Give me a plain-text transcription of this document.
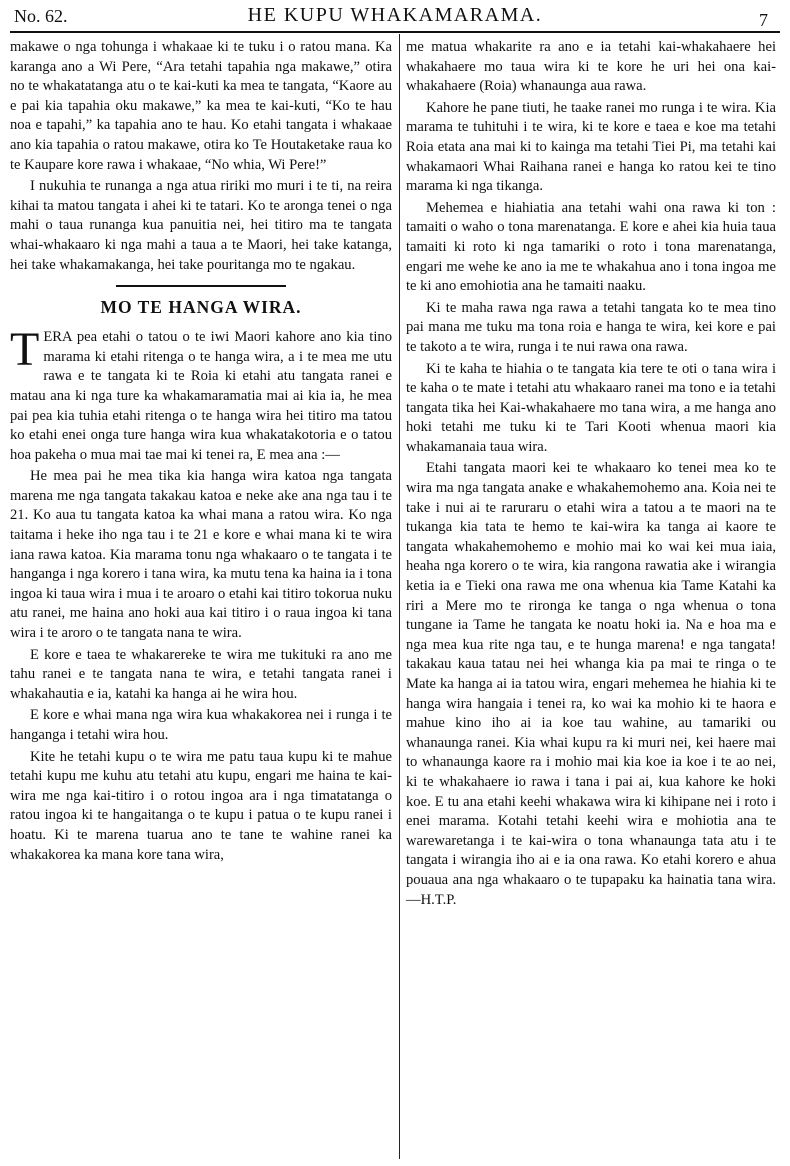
No. 62.	HE KUPU WHAKAMARAMA.	7

makawe o nga tohunga i whakaae ki te tuku i o ratou mana. Ka karanga ano a Wi Pere, “Ara tetahi tapahia nga makawe,” otira no te whakatatanga atu o te kai-kuti ka mea te tangata, “Kaore au e pai kia tapahia oku makawe,” ka mea te kai-kuti, “Ko te hau noa e tapahi,” ka tapahia ano te hau. Ko etahi tangata i whakaae ano kia tapahia o ratou makawe, otira ko Te Houtaketake raua ko te Kaupare kore rawa i whakaae, “No whia, Wi Pere!”

I nukuhia te runanga a nga atua ririki mo muri i te ti, na reira kihai ta matou tangata i ahei ki te tatari. Ko te aronga tenei o nga mahi o taua runanga kua panuitia nei, hei titiro ma te tangata whai-whakaaro ki nga mahi a taua a te Maori, hei take katanga, hei take whakamakanga, hei take pouritanga mo te ngakau.

MO TE HANGA WIRA.

TERA pea etahi o tatou o te iwi Maori kahore ano kia tino marama ki etahi ritenga o te hanga wira, a i te mea me utu rawa e te tangata ki te Roia ki etahi atu tangata ranei e matau ana ki nga ture ka whakamaramatia mai ai kia ia, he mea pai pea kia tuhia etahi ritenga o te hanga wira hei titiro ma tatou ko etahi enei onga ture hanga wira kua whakatakotoria e o tatou hoa pakeha o mua mai tae mai ki tenei ra, E mea ana :—

He mea pai he mea tika kia hanga wira katoa nga tangata marena me nga tangata takakau katoa e neke ake ana nga tau i te 21. Ko aua tu tangata katoa ka whai mana a ratou wira. Ko nga taitama i heke iho nga tau i te 21 e kore e whai mana ki te wira iana rawa katoa. Kia marama tonu nga whakaaro o te tangata i te hanganga i nga korero i tana wira, ka mutu tena ka haina ia i tona ingoa ki taua wira i mua i te aroaro o etahi kai titiro tokorua nuku atu ranei, me haina ano hoki aua kai titiro i o raua ingoa ki tana wira i te aroro o te tangata nana te wira.

E kore e taea te whakarereke te wira me tukituki ra ano me tahu ranei e te tangata nana te wira, e tetahi tangata ranei i whakahautia e ia, katahi ka hanga ai he wira hou.

E kore e whai mana nga wira kua whakakorea nei i runga i te hanganga i tetahi wira hou.

Kite he tetahi kupu o te wira me patu taua kupu ki te mahue tetahi kupu me kuhu atu tetahi atu kupu, engari me haina te kai-wira me nga kai-titiro i o rotou ingoa ara i nga timatatanga o ratou ingoa ki te hangaitanga o te kupu i patua o te kupu ranei i hoatu. Ki te marena tuarua ano te tane te wahine ranei ka whakakorea ka mana kore tana wira,

me matua whakarite ra ano e ia tetahi kai-whakahaere hei whakahaere mo taua wira ki te kore he uri hei ona kai-whakahaere (Roia) whanaunga aua rawa.

Kahore he pane tiuti, he taake ranei mo runga i te wira. Kia marama te tuhituhi i te wira, ki te kore e taea e koe ma tetahi Roia etata ana mai ki to kainga ma tetahi Tiei Pi, ma tetahi kai whakamaori Whai Raihana ranei e hanga ko ratou kei te tino marama ki nga tikanga.

Mehemea e hiahiatia ana tetahi wahi ona rawa ki ton : tamaiti o waho o tona marenatanga. E kore e ahei kia huia taua tamaiti ki roto ki nga tamariki o roto i tona marenatanga, engari me wehe ke ano ia me te whakahua ano i tona ingoa me te ki ano emohiotia ana he tamaiti naaku.

Ki te maha rawa nga rawa a tetahi tangata ko te mea tino pai mana me tuku ma tona roia e hanga te wira, kei kore e pai te takoto a te wira, runga i te nui rawa ona rawa.

Ki te kaha te hiahia o te tangata kia tere te oti o tana wira i te kaha o te mate i tetahi atu whakaaro ranei ma tono e ia tetahi tangata tika hei Kai-whakahaere mo tana wira, a me hanga ano hoki tetahi me tuku ki te Tari Kooti whenua maori kia whakamanaia taua wira.

Etahi tangata maori kei te whakaaro ko tenei mea ko te wira ma nga tangata anake e whakahemohemo ana. Koia nei te take i nui ai te raruraru o etahi wira a tatou a te maori na te tukanga kia tata te hemo te kai-wira ka tanga ai kaore te tangata whakahemohemo e mohio mai ko wai kei mua iaia, heaha nga korero o te wira, kia rangona rawatia ake i wirangia ketia ia e Tieki ona rawa me ona whenua kia Tame Katahi ka riri a Mere mo te rironga ke tanga o nga whenua o tona tungane ia Tame he tangata ke noatu hoki ia. Na e hoa ma e nga mea kua rite nga tau, e te hunga marena! e nga tangata! takakau kaua tatau nei hei whanga kia pa mai te ringa o te Mate ka hanga ai ia tatou wira, engari mehemea he hiahia ki te hanga wira hangaia i tenei ra, ko wai ka mohio ki te haora e mahue kino iho ai ia koe tau wahine, au tamariki ou whanaunga ranei. Kia whai kupu ra ki muri nei, kei haere mai to whanaunga kaore ra i mohio mai kia koe ia koe i te ao nei, ki te whakahaere io rawa i tana i pai ai, kua kahore ke hoki koe. E tu ana etahi keehi whakawa wira ki kihipane nei i roto i enei marama. Kotahi tetahi keehi wira e mohiotia ana te warewaretanga i te kai-wira o tona whanaunga tata atu i te tangata i wirangia iho ai e ia ona rawa. Ko etahi korero e ahua pouaua ana nga whakaaro o te tupapaku ka hainatia tana wira.—H.T.P.
